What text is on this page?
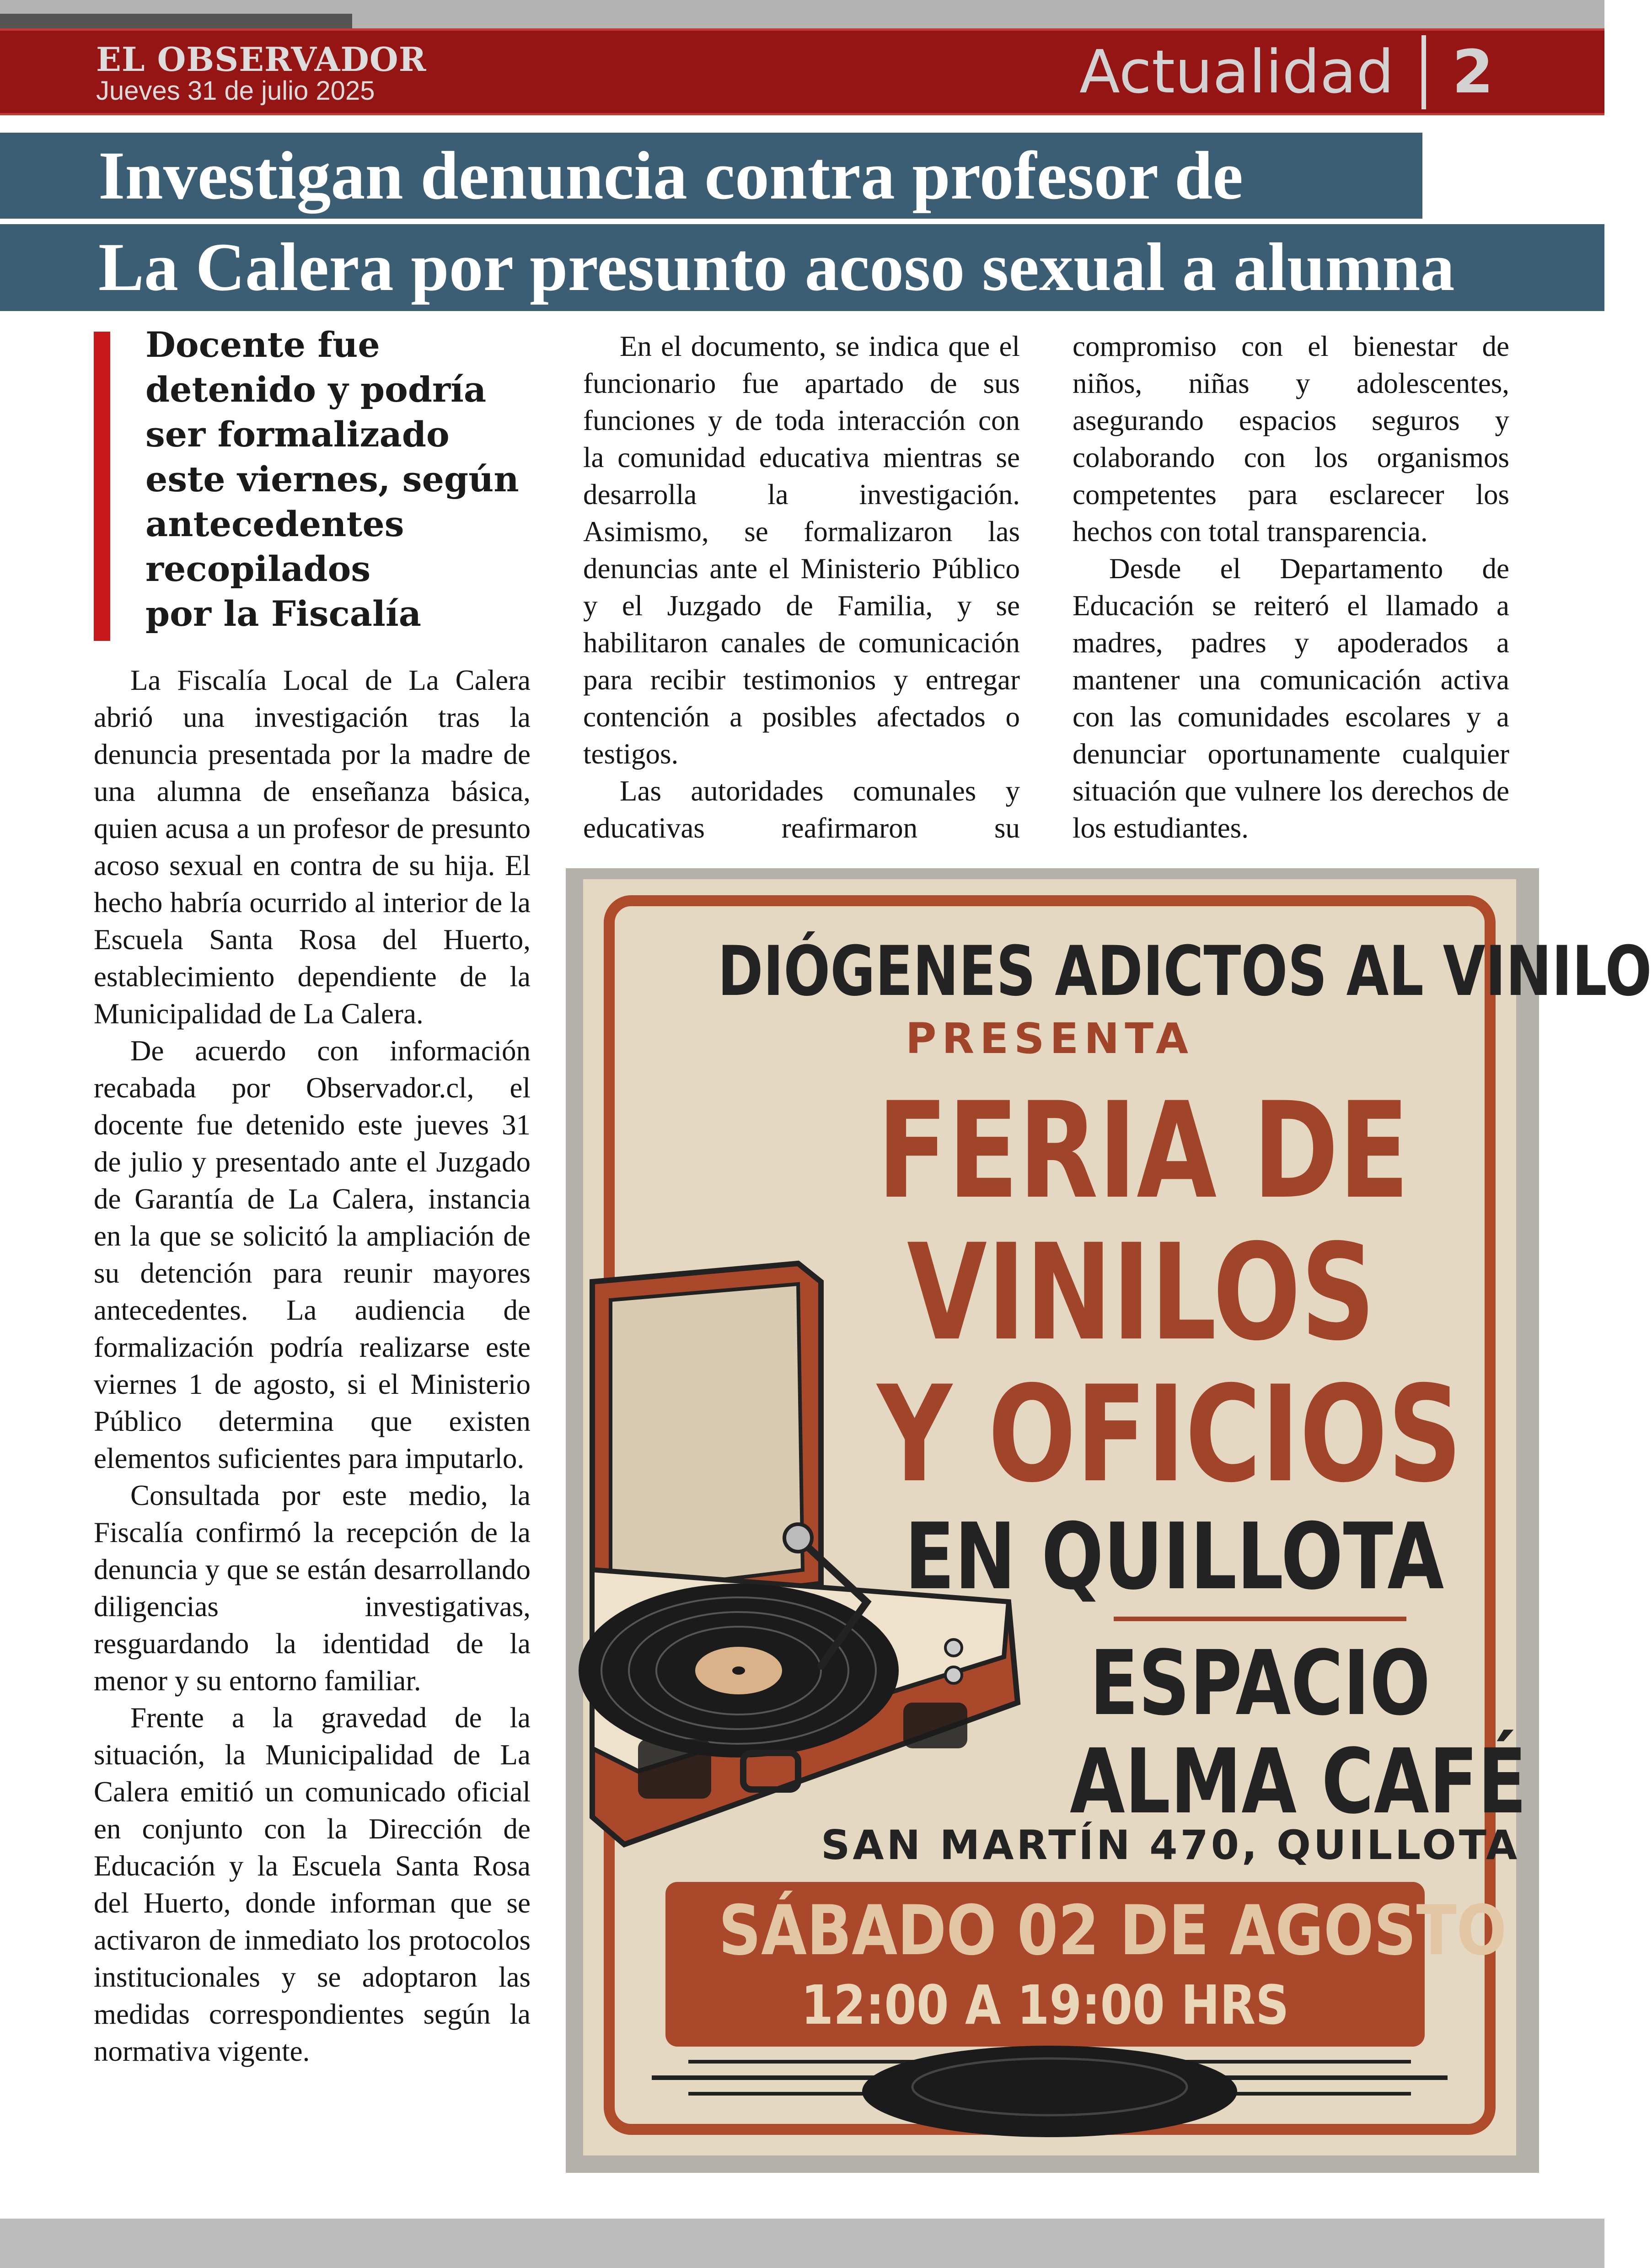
EL OBSERVADOR
Jueves 31 de julio 2025	Actualidad 2
Investigan denuncia contra profesor de
La Calera por presunto acoso sexual a alumna
Docente fue
detenido y podría
ser formalizado
este viernes, según
antecedentes
recopilados
por la Fiscalía

La Fiscalía Local de La Calera abrió una investigación tras la denuncia presentada por la madre de una alumna de enseñanza básica, quien acusa a un profesor de presunto acoso sexual en contra de su hija. El hecho habría ocurrido al interior de la Escuela Santa Rosa del Huerto, establecimiento dependiente de la Municipalidad de La Calera.

De acuerdo con información recabada por Observador.cl, el docente fue detenido este jueves 31 de julio y presentado ante el Juzgado de Garantía de La Calera, instancia en la que se solicitó la ampliación de su detención para reunir mayores antecedentes. La audiencia de formalización podría realizarse este viernes 1 de agosto, si el Ministerio Público determina que existen elementos suficientes para imputarlo.

Consultada por este medio, la Fiscalía confirmó la recepción de la denuncia y que se están desarrollando diligencias investigativas, resguardando la identidad de la menor y su entorno familiar.

Frente a la gravedad de la situación, la Municipalidad de La Calera emitió un comunicado oficial en conjunto con la Dirección de Educación y la Escuela Santa Rosa del Huerto, donde informan que se activaron de inmediato los protocolos institucionales y se adoptaron las medidas correspondientes según la normativa vigente.

En el documento, se indica que el funcionario fue apartado de sus funciones y de toda interacción con la comunidad educativa mientras se desarrolla la investigación. Asimismo, se formalizaron las denuncias ante el Ministerio Público y el Juzgado de Familia, y se habilitaron canales de comunicación para recibir testimonios y entregar contención a posibles afectados o testigos.

Las autoridades comunales y educativas reafirmaron su

compromiso con el bienestar de niños, niñas y adolescentes, asegurando espacios seguros y colaborando con los organismos competentes para esclarecer los hechos con total transparencia.

Desde el Departamento de Educación se reiteró el llamado a madres, padres y apoderados a mantener una comunicación activa con las comunidades escolares y a denunciar oportunamente cualquier situación que vulnere los derechos de los estudiantes.

DIÓGENES ADICTOS AL VINILO
PRESENTA
FERIA DE
VINILOS
Y OFICIOS
EN QUILLOTA
ESPACIO
ALMA CAFÉ
SAN MARTÍN 470, QUILLOTA
SÁBADO 02 DE AGOSTO
12:00 A 19:00 HRS
